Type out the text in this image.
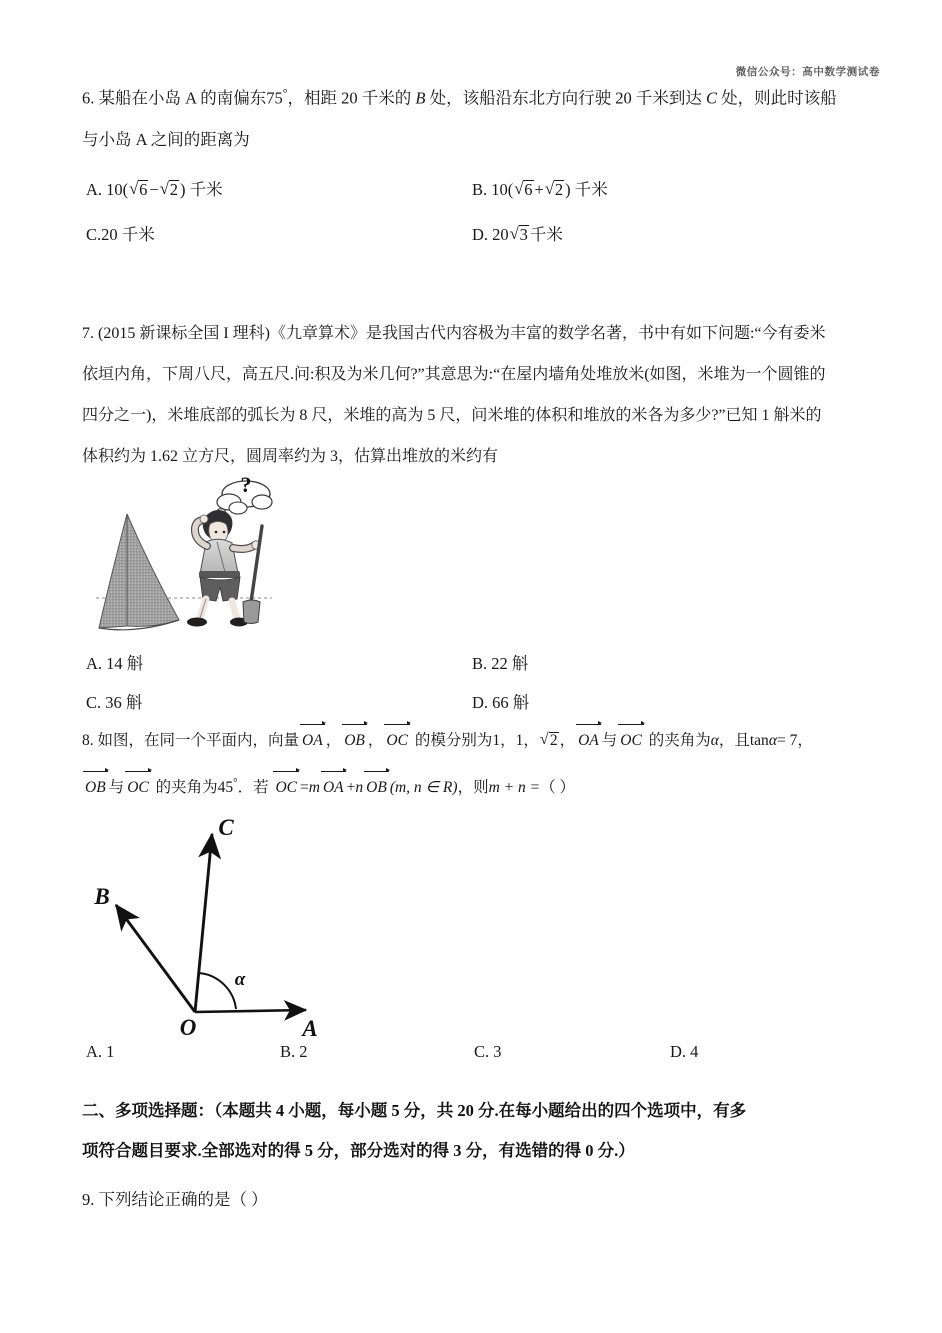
微信公众号：高中数学测试卷
6. 某船在小岛 A 的南偏东75°，相距 20 千米的 B 处，该船沿东北方向行驶 20 千米到达 C 处，则此时该船
与小岛 A 之间的距离为
A. 10( √ 6 − √ 2 ) 千米	B. 10( √ 6 + √ 2 ) 千米
C.20 千米	D. 20 √ 3 千米
7. (2015 新课标全国 I 理科)《九章算术》是我国古代内容极为丰富的数学名著，书中有如下问题:“今有委米
依垣内角，下周八尺，高五尺.问:积及为米几何?”其意思为:“在屋内墙角处堆放米(如图，米堆为一个圆锥的
四分之一)，米堆底部的弧长为 8 尺，米堆的高为 5 尺，问米堆的体积和堆放的米各为多少?”已知 1 斛米的
体积约为 1.62 立方尺，圆周率约为 3，估算出堆放的米约有
?
A. 14 斛	B. 22 斛
C. 36 斛	D. 66 斛
8. 如图，在同一个平面内，向量 OA ， OB ， OC 的模分别为1，1， √ 2 ， OA 与 OC 的夹角为α，且tanα= 7，
OB 与 OC 的夹角为45°．若 OC =m OA +n OB (m, n ∈ R)，则m + n =（ ）
O	A
B
C
α
A. 1	B. 2	C. 3	D. 4
二、多项选择题：（本题共 4 小题，每小题 5 分，共 20 分.在每小题给出的四个选项中，有多
项符合题目要求.全部选对的得 5 分，部分选对的得 3 分，有选错的得 0 分.）
9. 下列结论正确的是（ ）
